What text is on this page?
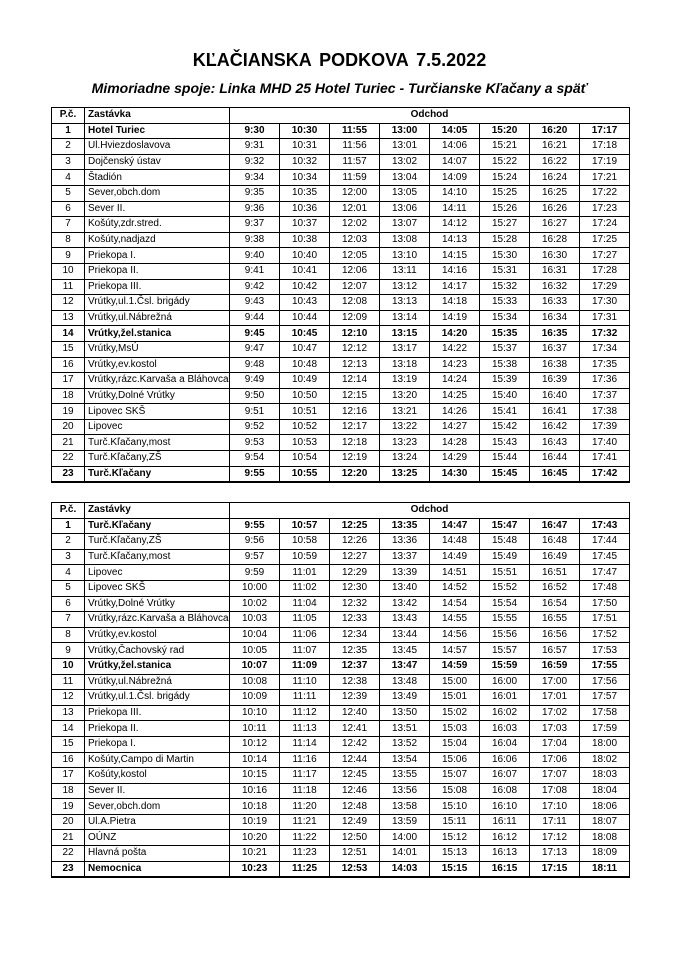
KĽAČIANSKA PODKOVA 7.5.2022
Mimoriadne spoje: Linka MHD 25 Hotel Turiec - Turčianske Kľačany a späť
P.č.	Zastávka	Odchod							
1	Hotel Turiec	9:30	10:30	11:55	13:00	14:05	15:20	16:20	17:17
2	Ul.Hviezdoslavova	9:31	10:31	11:56	13:01	14:06	15:21	16:21	17:18
3	Dojčenský ústav	9:32	10:32	11:57	13:02	14:07	15:22	16:22	17:19
4	Štadión	9:34	10:34	11:59	13:04	14:09	15:24	16:24	17:21
5	Sever,obch.dom	9:35	10:35	12:00	13:05	14:10	15:25	16:25	17:22
6	Sever II.	9:36	10:36	12:01	13:06	14:11	15:26	16:26	17:23
7	Košúty,zdr.stred.	9:37	10:37	12:02	13:07	14:12	15:27	16:27	17:24
8	Košúty,nadjazd	9:38	10:38	12:03	13:08	14:13	15:28	16:28	17:25
9	Priekopa I.	9:40	10:40	12:05	13:10	14:15	15:30	16:30	17:27
10	Priekopa II.	9:41	10:41	12:06	13:11	14:16	15:31	16:31	17:28
11	Priekopa III.	9:42	10:42	12:07	13:12	14:17	15:32	16:32	17:29
12	Vrútky,ul.1.Čsl. brigády	9:43	10:43	12:08	13:13	14:18	15:33	16:33	17:30
13	Vrútky,ul.Nábrežná	9:44	10:44	12:09	13:14	14:19	15:34	16:34	17:31
14	Vrútky,žel.stanica	9:45	10:45	12:10	13:15	14:20	15:35	16:35	17:32
15	Vrútky,MsÚ	9:47	10:47	12:12	13:17	14:22	15:37	16:37	17:34
16	Vrútky,ev.kostol	9:48	10:48	12:13	13:18	14:23	15:38	16:38	17:35
17	Vrútky,rázc.Karvaša a Bláhovca	9:49	10:49	12:14	13:19	14:24	15:39	16:39	17:36
18	Vrútky,Dolné Vrútky	9:50	10:50	12:15	13:20	14:25	15:40	16:40	17:37
19	Lipovec SKŠ	9:51	10:51	12:16	13:21	14:26	15:41	16:41	17:38
20	Lipovec	9:52	10:52	12:17	13:22	14:27	15:42	16:42	17:39
21	Turč.Kľačany,most	9:53	10:53	12:18	13:23	14:28	15:43	16:43	17:40
22	Turč.Kľačany,ZŠ	9:54	10:54	12:19	13:24	14:29	15:44	16:44	17:41
23	Turč.Kľačany	9:55	10:55	12:20	13:25	14:30	15:45	16:45	17:42
P.č.	Zastávky	Odchod							
1	Turč.Kľačany	9:55	10:57	12:25	13:35	14:47	15:47	16:47	17:43
2	Turč.Kľačany,ZŠ	9:56	10:58	12:26	13:36	14:48	15:48	16:48	17:44
3	Turč.Kľačany,most	9:57	10:59	12:27	13:37	14:49	15:49	16:49	17:45
4	Lipovec	9:59	11:01	12:29	13:39	14:51	15:51	16:51	17:47
5	Lipovec SKŠ	10:00	11:02	12:30	13:40	14:52	15:52	16:52	17:48
6	Vrútky,Dolné Vrútky	10:02	11:04	12:32	13:42	14:54	15:54	16:54	17:50
7	Vrútky,rázc.Karvaša a Bláhovca	10:03	11:05	12:33	13:43	14:55	15:55	16:55	17:51
8	Vrútky,ev.kostol	10:04	11:06	12:34	13:44	14:56	15:56	16:56	17:52
9	Vrútky,Čachovský rad	10:05	11:07	12:35	13:45	14:57	15:57	16:57	17:53
10	Vrútky,žel.stanica	10:07	11:09	12:37	13:47	14:59	15:59	16:59	17:55
11	Vrútky,ul.Nábrežná	10:08	11:10	12:38	13:48	15:00	16:00	17:00	17:56
12	Vrútky,ul.1.Čsl. brigády	10:09	11:11	12:39	13:49	15:01	16:01	17:01	17:57
13	Priekopa III.	10:10	11:12	12:40	13:50	15:02	16:02	17:02	17:58
14	Priekopa II.	10:11	11:13	12:41	13:51	15:03	16:03	17:03	17:59
15	Priekopa I.	10:12	11:14	12:42	13:52	15:04	16:04	17:04	18:00
16	Košúty,Campo di Martin	10:14	11:16	12:44	13:54	15:06	16:06	17:06	18:02
17	Košúty,kostol	10:15	11:17	12:45	13:55	15:07	16:07	17:07	18:03
18	Sever II.	10:16	11:18	12:46	13:56	15:08	16:08	17:08	18:04
19	Sever,obch.dom	10:18	11:20	12:48	13:58	15:10	16:10	17:10	18:06
20	Ul.A.Pietra	10:19	11:21	12:49	13:59	15:11	16:11	17:11	18:07
21	OÚNZ	10:20	11:22	12:50	14:00	15:12	16:12	17:12	18:08
22	Hlavná pošta	10:21	11:23	12:51	14:01	15:13	16:13	17:13	18:09
23	Nemocnica	10:23	11:25	12:53	14:03	15:15	16:15	17:15	18:11
